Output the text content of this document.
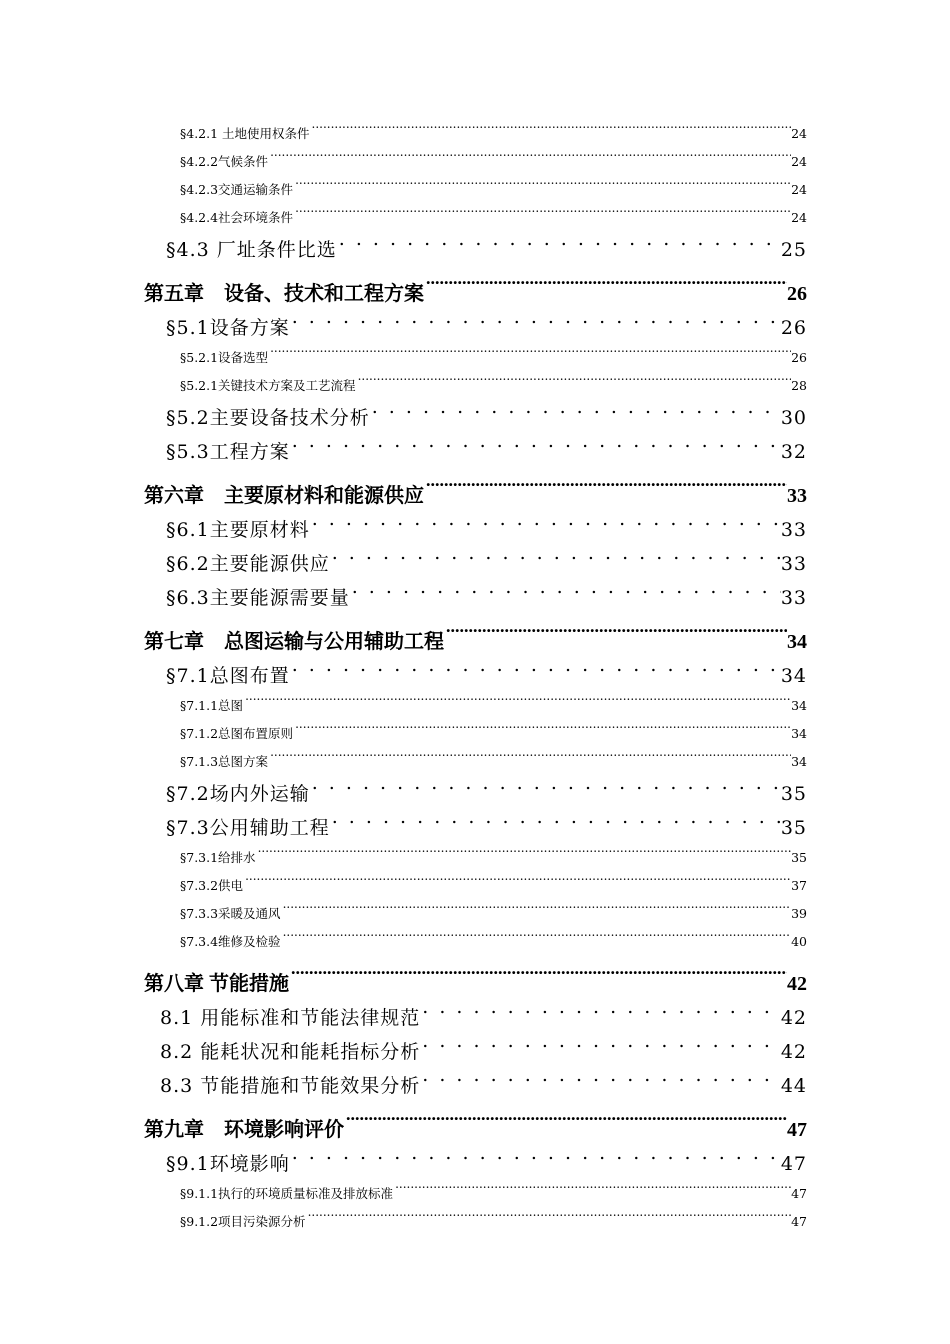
§4.2.1 土地使用权条件 .....	24
§4.2.2气候条件 .....	24
§4.2.3交通运输条件 .....	24
§4.2.4社会环境条件 .....	24
§4.3 厂址条件比选 . . .	25
第五章　设备、技术和工程方案 .....	26
§5.1设备方案 . . .	26
§5.2.1设备选型 .....	26
§5.2.1关键技术方案及工艺流程 .....	28
§5.2主要设备技术分析 . . .	30
§5.3工程方案 . . .	32
第六章　主要原材料和能源供应 .....	33
§6.1主要原材料 . . .	33
§6.2主要能源供应 . . .	33
§6.3主要能源需要量 . . .	33
第七章　总图运输与公用辅助工程 .....	34
§7.1总图布置 . . .	34
§7.1.1总图 .....	34
§7.1.2总图布置原则 .....	34
§7.1.3总图方案 .....	34
§7.2场内外运输 . . .	35
§7.3公用辅助工程 . . .	35
§7.3.1给排水 .....	35
§7.3.2供电 .....	37
§7.3.3采暖及通风 .....	39
§7.3.4维修及检验 .....	40
第八章 节能措施 .....	42
8.1 用能标准和节能法律规范 . . .	42
8.2 能耗状况和能耗指标分析 . . .	42
8.3 节能措施和节能效果分析 . . .	44
第九章　环境影响评价 .....	47
§9.1环境影响 . . .	47
§9.1.1执行的环境质量标准及排放标准 .....	47
§9.1.2项目污染源分析 .....	47
